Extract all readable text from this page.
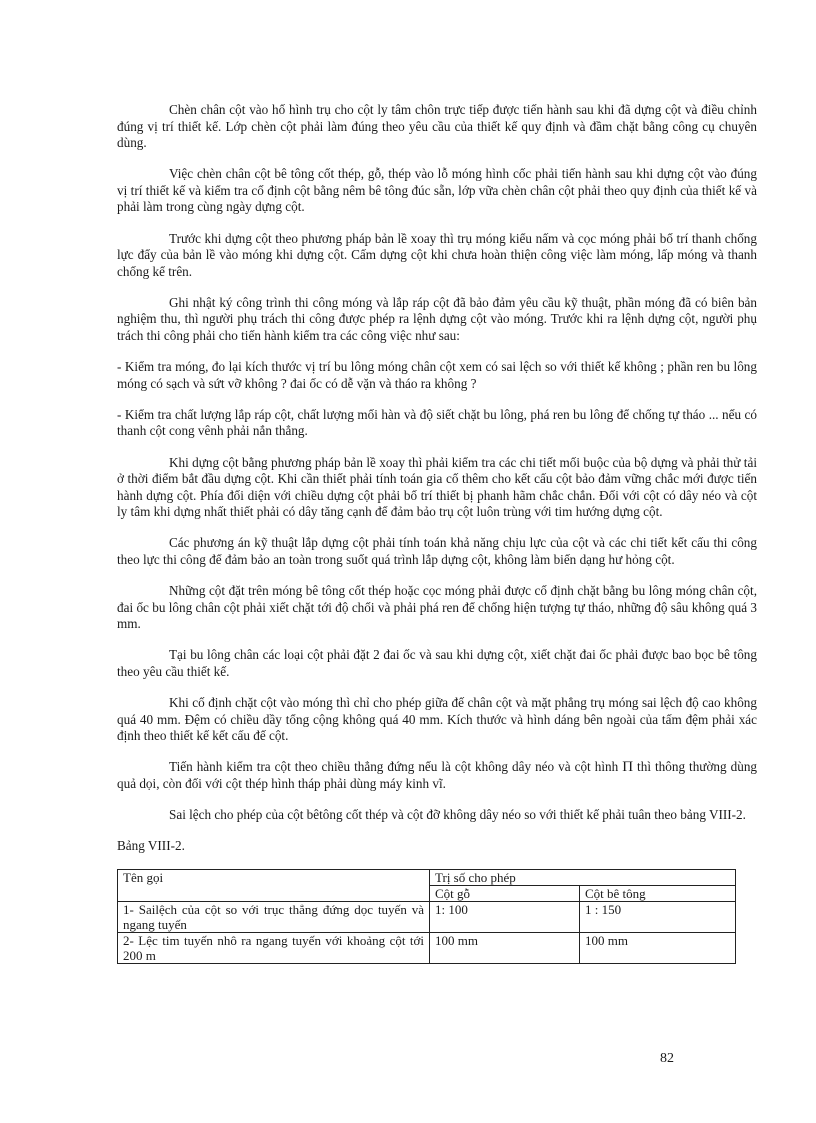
Chèn chân cột vào hố hình trụ cho cột ly tâm chôn trực tiếp được tiến hành sau khi đã dựng cột và điều chỉnh đúng vị trí thiết kế. Lớp chèn cột phải làm đúng theo yêu cầu của thiết kế quy định và đầm chặt bằng công cụ chuyên dùng.

Việc chèn chân cột bê tông cốt thép, gỗ, thép vào lỗ móng hình cốc phải tiến hành sau khi dựng cột vào đúng vị trí thiết kế và kiểm tra cố định cột bằng nêm bê tông đúc sẵn, lớp vữa chèn chân cột phải theo quy định của thiết kế và phải làm trong cùng ngày dựng cột.

Trước khi dựng cột theo phương pháp bản lề xoay thì trụ móng kiểu nấm và cọc móng phải bố trí thanh chống lực đẩy của bản lề vào móng khi dựng cột. Cấm dựng cột khi chưa hoàn thiện công việc làm móng, lấp móng và thanh chống kể trên.

Ghi nhật ký công trình thi công móng và lắp ráp cột đã bảo đảm yêu cầu kỹ thuật, phần móng đã có biên bản nghiệm thu, thì người phụ trách thi công được phép ra lệnh dựng cột vào móng. Trước khi ra lệnh dựng cột, người phụ trách thi công phải cho tiến hành kiểm tra các công việc như sau:

- Kiểm tra móng, đo lại kích thước vị trí bu lông móng chân cột xem có sai lệch so với thiết kế không ; phần ren bu lông móng có sạch và sứt vỡ không ? đai ốc có dễ vặn và tháo ra không ?

- Kiểm tra chất lượng lắp ráp cột, chất lượng mối hàn và độ siết chặt bu lông, phá ren bu lông để chống tự tháo ... nếu có thanh cột cong vênh phải nắn thẳng.

Khi dựng cột bằng phương pháp bản lề xoay thì phải kiểm tra các chi tiết mối buộc của bộ dựng và phải thử tải ở thời điểm bắt đầu dựng cột. Khi cần thiết phải tính toán gia cố thêm cho kết cấu cột bảo đảm vững chắc mới được tiến hành dựng cột. Phía đối diện với chiều dựng cột phải bố trí thiết bị phanh hãm chắc chắn. Đối với cột có dây néo và cột ly tâm khi dựng nhất thiết phải có dây tăng cạnh để đảm bảo trụ cột luôn trùng với tim hướng dựng cột.

Các phương án kỹ thuật lắp dựng cột phải tính toán khả năng chịu lực của cột và các chi tiết kết cấu thi công theo lực thi công để đảm bảo an toàn trong suốt quá trình lắp dựng cột, không làm biến dạng hư hỏng cột.

Những cột đặt trên móng bê tông cốt thép hoặc cọc móng phải được cố định chặt bằng bu lông móng chân cột, đai ốc bu lông chân cột phải xiết chặt tới độ chối và phải phá ren để chống hiện tượng tự tháo, những độ sâu không quá 3 mm.

Tại bu lông chân các loại cột phải đặt 2 đai ốc và sau khi dựng cột, xiết chặt đai ốc phải được bao bọc bê tông theo yêu cầu thiết kế.

Khi cố định chặt cột vào móng thì chỉ cho phép giữa đế chân cột và mặt phẳng trụ móng sai lệch độ cao không quá 40 mm. Đệm có chiều dầy tổng cộng không quá 40 mm. Kích thước và hình dáng bên ngoài của tấm đệm phải xác định theo thiết kế kết cấu đế cột.

Tiến hành kiểm tra cột theo chiều thẳng đứng nếu là cột không dây néo và cột hình Π thì thông thường dùng quả dọi, còn đối với cột thép hình tháp phải dùng máy kinh vĩ.

Sai lệch cho phép của cột bêtông cốt thép và cột đỡ không dây néo so với thiết kế phải tuân theo bảng VIII-2.

Bảng VIII-2.

Tên gọi	Trị số cho phép	
	Cột gỗ	Cột bê tông
1- Sailệch của cột so với trục thẳng đứng dọc tuyến và ngang tuyến	1: 100	1 : 150
2- Lệc tim tuyến nhô ra ngang tuyến với khoảng cột tới 200 m	100 mm	100 mm
82
